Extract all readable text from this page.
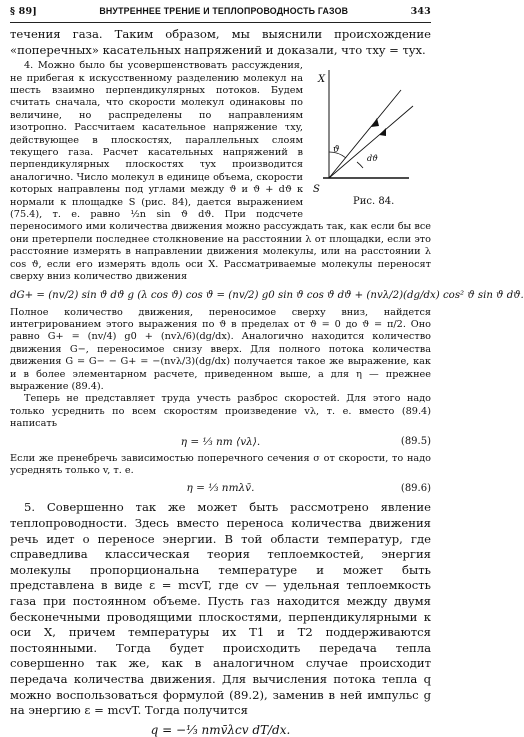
§ 89]	ВНУТРЕННЕЕ ТРЕНИЕ И ТЕПЛОПРОВОДНОСТЬ ГАЗОВ	343

течения газа. Таким образом, мы выяснили происхождение «поперечных» касательных напряжений и доказали, что τxy = τyx.

X
S
ϑ
dϑ
Рис. 84.

4. Можно было бы усовершенствовать рассуждения, не прибегая к искусственному разделению молекул на шесть взаимно перпендикулярных потоков. Будем считать сначала, что скорости молекул одинаковы по величине, но распределены по направлениям изотропно. Рассчитаем касательное напряжение τxy, действующее в плоскостях, параллельных слоям текущего газа. Расчет касательных напряжений в перпендикулярных плоскостях τyx производится аналогично. Число молекул в единице объема, скорости которых направлены под углами между ϑ и ϑ + dϑ к нормали к площадке S (рис. 84), дается выражением (75.4), т. е. равно ½n sin ϑ dϑ. При подсчете переносимого ими количества движения можно рассуждать так, как если бы все они претерпели последнее столкновение на расстоянии λ от площадки, если это расстояние измерять в направлении движения молекулы, или на расстоянии λ cos ϑ, если его измерять вдоль оси X. Рассматриваемые молекулы переносят сверху вниз количество движения

dG+ = (nv/2) sin ϑ dϑ g (λ cos ϑ) cos ϑ = (nv/2) g0 sin ϑ cos ϑ dϑ + (nvλ/2)(dg/dx) cos² ϑ sin ϑ dϑ.

Полное количество движения, переносимое сверху вниз, найдется интегрированием этого выражения по ϑ в пределах от ϑ = 0 до ϑ = π/2. Оно равно G+ = (nv/4) g0 + (nvλ/6)(dg/dx). Аналогично находится количество движения G−, переносимое снизу вверх. Для полного потока количества движения G = G− − G+ = −(nvλ/3)(dg/dx) получается такое же выражение, как и в более элементарном расчете, приведенном выше, а для η — прежнее выражение (89.4).

Теперь не представляет труда учесть разброс скоростей. Для этого надо только усреднить по всем скоростям произведение vλ, т. е. вместо (89.4) написать

η = ⅓ nm ⟨vλ⟩.	(89.5)

Если же пренебречь зависимостью поперечного сечения σ от скорости, то надо усреднять только v, т. е.

η = ⅓ nmλv̄.	(89.6)

5. Совершенно так же может быть рассмотрено явление теплопроводности. Здесь вместо переноса количества движения речь идет о переносе энергии. В той области температур, где справедлива классическая теория теплоемкостей, энергия молекулы пропорциональна температуре и может быть представлена в виде ε = mcvT, где cv — удельная теплоемкость газа при постоянном объеме. Пусть газ находится между двумя бесконечными проводящими плоскостями, перпендикулярными к оси X, причем температуры их T1 и T2 поддерживаются постоянными. Тогда будет происходить передача тепла совершенно так же, как в аналогичном случае происходит передача количества движения. Для вычисления потока тепла q можно воспользоваться формулой (89.2), заменив в ней импульс g на энергию ε = mcvT. Тогда получится

q = −⅓ nmv̄λcv dT/dx.
